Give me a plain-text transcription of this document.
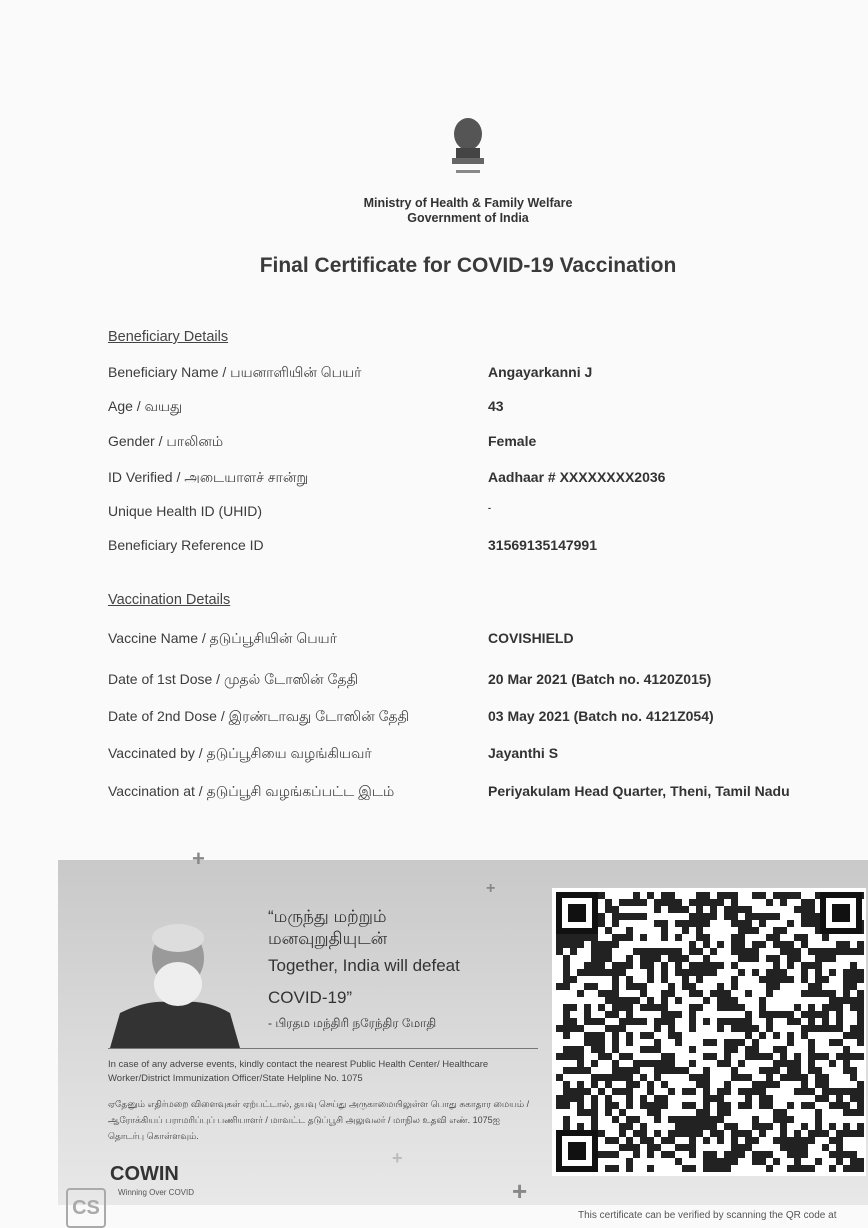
Ministry of Health & Family Welfare
Government of India
Final Certificate for COVID-19 Vaccination
Beneficiary Details
Beneficiary Name / பயனாளியின் பெயர்	Angayarkanni J
Age / வயது	43
Gender / பாலினம்	Female
ID Verified / அடையாளச் சான்று	Aadhaar # XXXXXXXX2036
Unique Health ID (UHID)	-
Beneficiary Reference ID	31569135147991
Vaccination Details
Vaccine Name / தடுப்பூசியின் பெயர்	COVISHIELD
Date of 1st Dose / முதல் டோஸின் தேதி	20 Mar 2021 (Batch no. 4120Z015)
Date of 2nd Dose / இரண்டாவது டோஸின் தேதி	03 May 2021 (Batch no. 4121Z054)
Vaccinated by / தடுப்பூசியை வழங்கியவர்	Jayanthi S
Vaccination at / தடுப்பூசி வழங்கப்பட்ட இடம்	Periyakulam Head Quarter, Theni, Tamil Nadu
+
+
+
+
“மருந்து மற்றும்
மனவுறுதியுடன்
Together, India will defeat
COVID-19”
- பிரதம மந்திரி நரேந்திர மோதி
In case of any adverse events, kindly contact the nearest Public Health Center/ Healthcare Worker/District Immunization Officer/State Helpline No. 1075
ஏதேனும் எதிர்மறை விளைவுகள் ஏற்பட்டால், தயவு செய்து அருகாமையிலுள்ள பொது சுகாதார மையம் / ஆரோக்கியப் பராமரிப்புப் பணியாளர் / மாவட்ட தடுப்பூசி அலுவலர் / மாநில உதவி எண். 1075ஐ தொடர்பு கொள்ளவும்.
COWIN
Winning Over COVID
CS	This certificate can be verified by scanning the QR code at
